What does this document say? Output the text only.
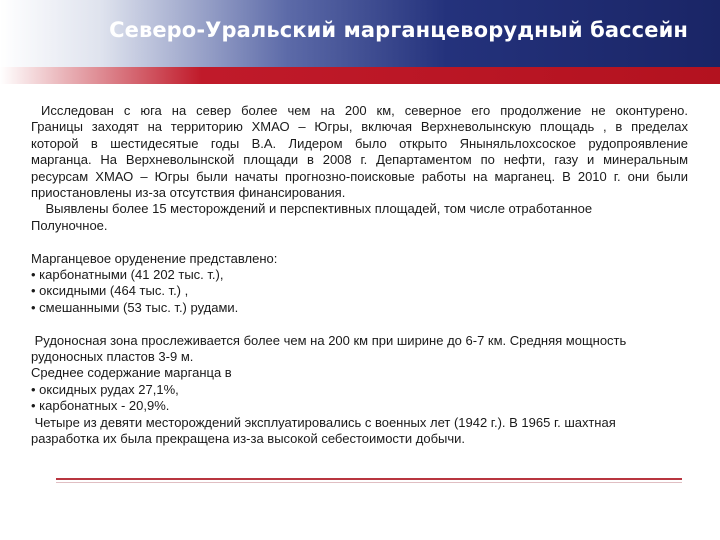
Северо-Уральский марганцеворудный бассейн

Исследован с юга на север более чем на 200 км, северное его продолжение не оконтурено.

Границы заходят на территорию ХМАО – Югры, включая Верхневолынскую площадь , в пределах

которой в шестидесятые годы В.А. Лидером было открыто Яныняльлохсоское рудопроявление

марганца. На Верхневолынской площади в 2008 г. Департаментом по нефти, газу и минеральным

ресурсам ХМАО – Югры были начаты прогнозно-поисковые работы на марганец. В 2010 г. они были

приостановлены из-за отсутствия финансирования.

Выявлены более 15 месторождений и перспективных площадей, том числе отработанное

Полуночное.

Марганцевое оруденение представлено:

• карбонатными (41 202 тыс. т.),

• оксидными (464 тыс. т.) ,

• смешанными (53 тыс. т.) рудами.

Рудоносная зона прослеживается более чем на 200 км при ширине до 6-7 км. Средняя мощность

рудоносных пластов 3-9 м.

Среднее содержание марганца в

• оксидных рудах 27,1%,

• карбонатных - 20,9%.

Четыре из девяти месторождений эксплуатировались с военных лет (1942 г.). В 1965 г. шахтная

разработка их была прекращена из-за высокой себестоимости добычи.
